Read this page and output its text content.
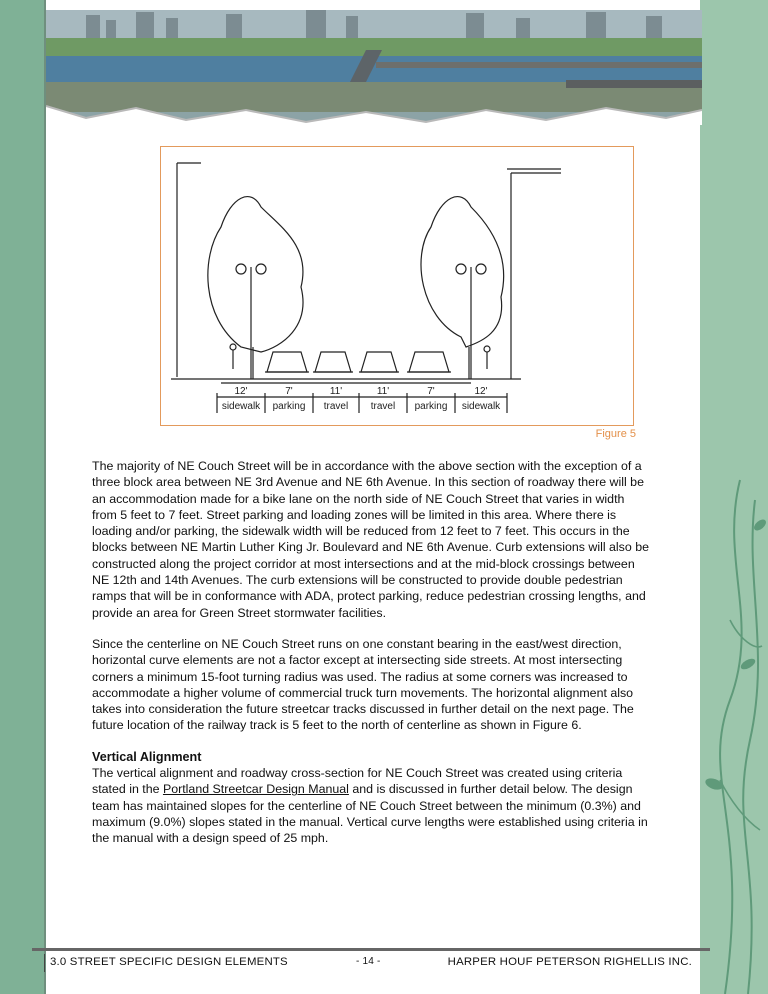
12'	7'	11'	11'	7'	12'
sidewalk parking travel travel parking sidewalk
Figure 5

The majority of NE Couch Street will be in accordance with the above section with the exception of a three block area between NE 3rd Avenue and NE 6th Avenue. In this section of roadway there will be an accommodation made for a bike lane on the north side of NE Couch Street that varies in width from 5 feet to 7 feet. Street parking and loading zones will be limited in this area. Where there is loading and/or parking, the sidewalk width will be reduced from 12 feet to 7 feet. This occurs in the blocks between NE Martin Luther King Jr. Boulevard and NE 6th Avenue. Curb extensions will also be constructed along the project corridor at most intersections and at the mid-block crossings between NE 12th and 14th Avenues. The curb extensions will be constructed to provide double pedestrian ramps that will be in conformance with ADA, protect parking, reduce pedestrian crossing lengths, and provide an area for Green Street stormwater facilities.

Since the centerline on NE Couch Street runs on one constant bearing in the east/west direction, horizontal curve elements are not a factor except at intersecting side streets. At most intersecting corners a minimum 15-foot turning radius was used. The radius at some corners was increased to accommodate a higher volume of commercial truck turn movements. The horizontal alignment also takes into consideration the future streetcar tracks discussed in further detail on the next page. The future location of the railway track is 5 feet to the north of centerline as shown in Figure 6.

Vertical Alignment

The vertical alignment and roadway cross-section for NE Couch Street was created using criteria stated in the Portland Streetcar Design Manual and is discussed in further detail below. The design team has maintained slopes for the centerline of NE Couch Street between the minimum (0.3%) and maximum (9.0%) slopes stated in the manual. Vertical curve lengths were established using criteria in the manual with a design speed of 25 mph.

3.0 STREET SPECIFIC DESIGN ELEMENTS	- 14 -	HARPER HOUF PETERSON RIGHELLIS INC.
